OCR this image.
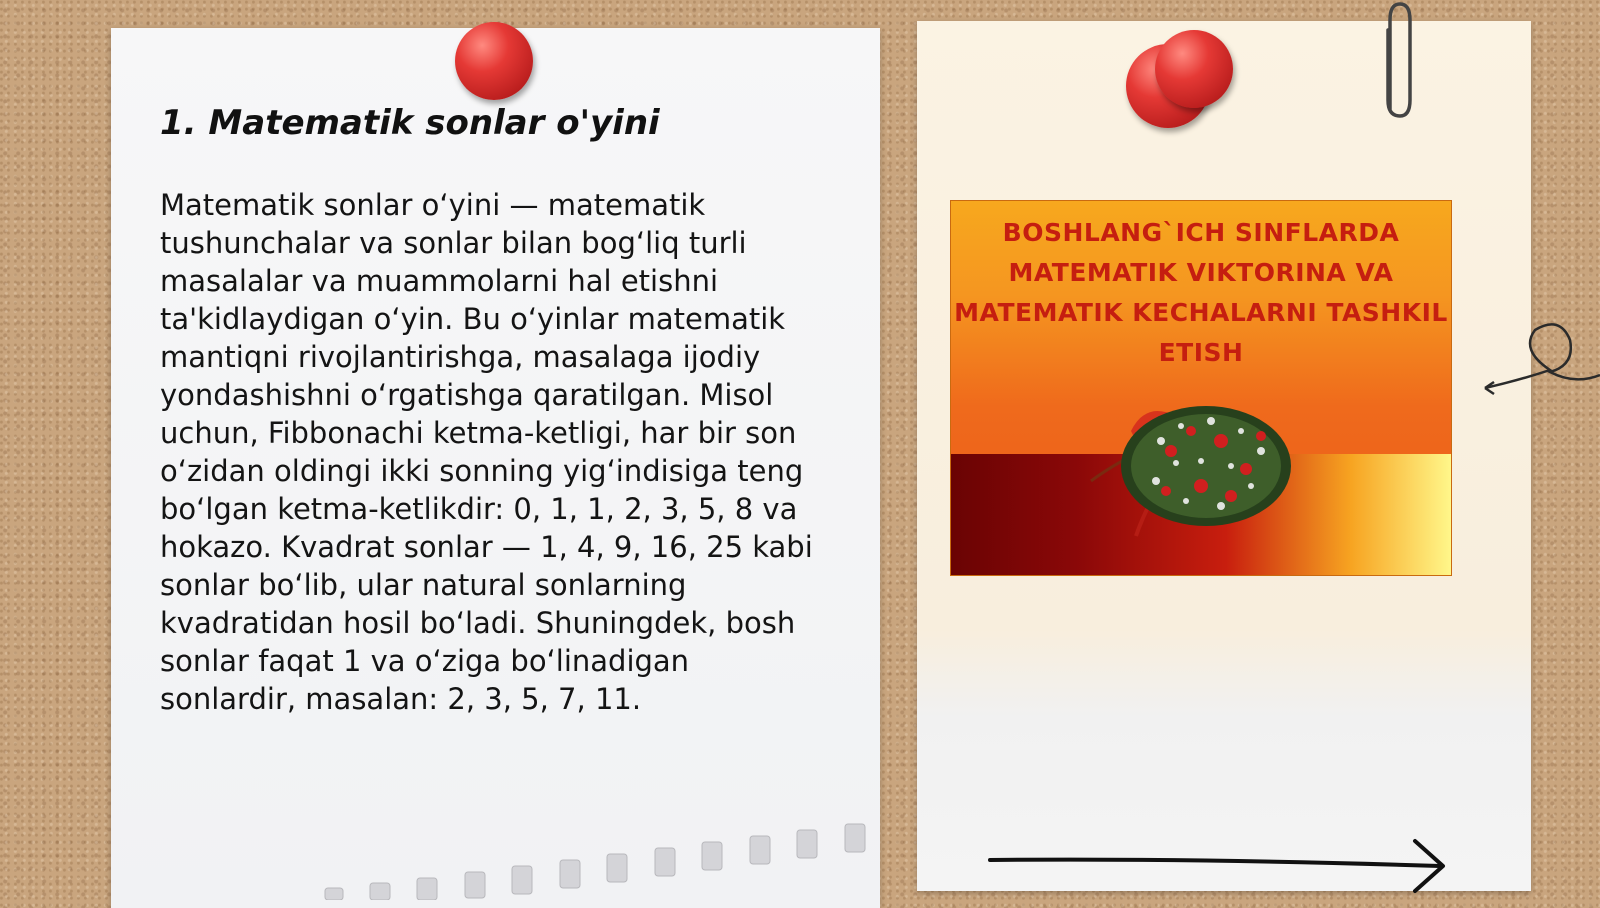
1. Matematik sonlar o'yini

Matematik sonlar o‘yini — matematik tushunchalar va sonlar bilan bog‘liq turli masalalar va muammolarni hal etishni ta'kidlaydigan o‘yin. Bu o‘yinlar matematik mantiqni rivojlantirishga, masalaga ijodiy yondashishni o‘rgatishga qaratilgan. Misol uchun, Fibbonachi ketma-ketligi, har bir son o‘zidan oldingi ikki sonning yig‘indisiga teng bo‘lgan ketma-ketlikdir: 0, 1, 1, 2, 3, 5, 8 va hokazo. Kvadrat sonlar — 1, 4, 9, 16, 25 kabi sonlar bo‘lib, ular natural sonlarning kvadratidan hosil bo‘ladi. Shuningdek, bosh sonlar faqat 1 va o‘ziga bo‘linadigan sonlardir, masalan: 2, 3, 5, 7, 11.

BOSHLANG`ICH SINFLARDA MATEMATIK VIKTORINA VA MATEMATIK KECHALARNI TASHKIL ETISH
